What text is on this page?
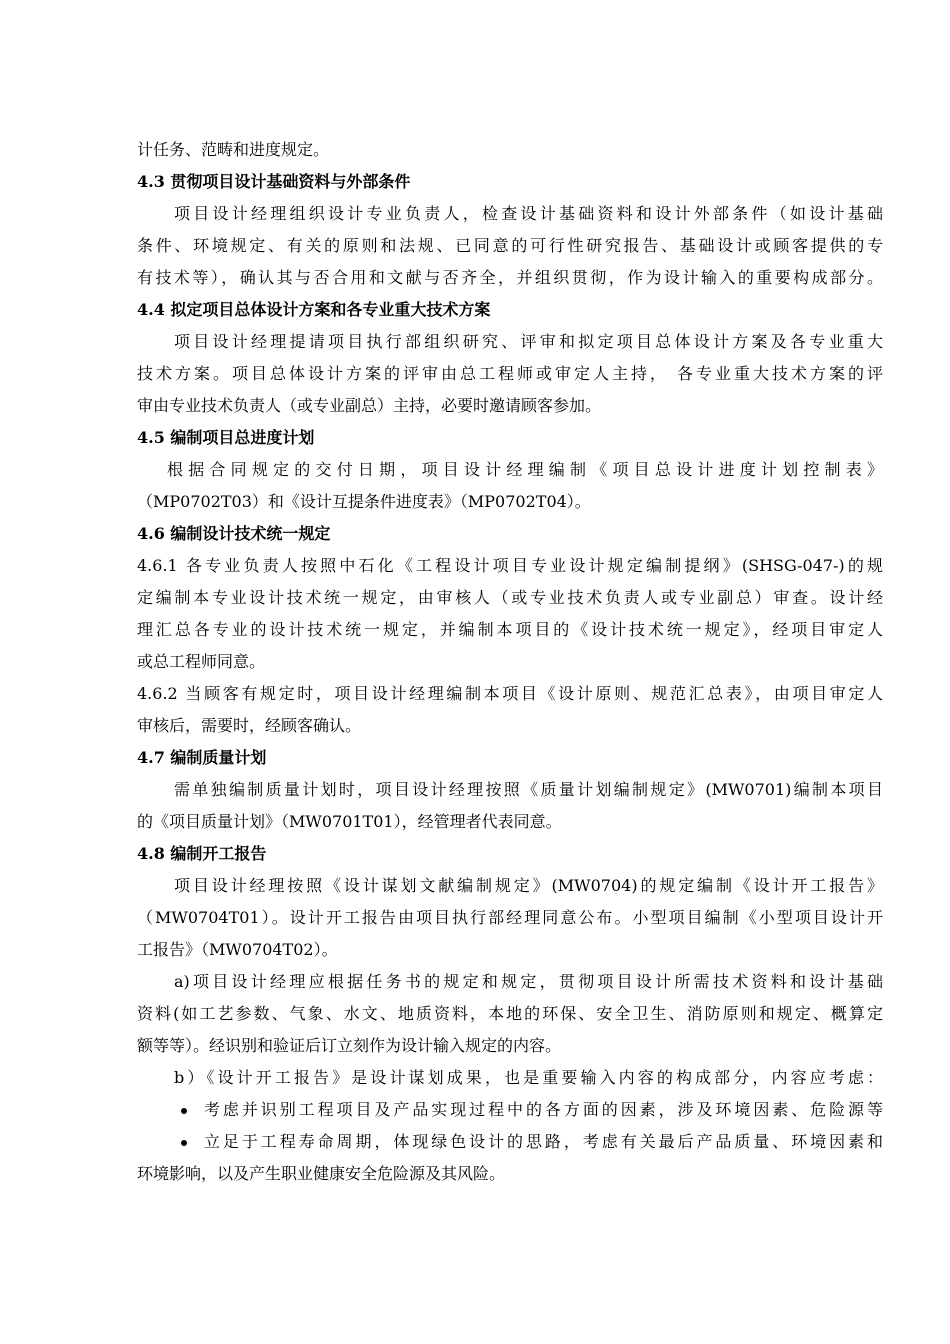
计任务、范畴和进度规定。
4.3 贯彻项目设计基础资料与外部条件
项目设计经理组织设计专业负责人，检查设计基础资料和设计外部条件（如设计基础
条件、环境规定、有关的原则和法规、已同意的可行性研究报告、基础设计或顾客提供的专
有技术等），确认其与否合用和文献与否齐全，并组织贯彻，作为设计输入的重要构成部分。
4.4 拟定项目总体设计方案和各专业重大技术方案
项目设计经理提请项目执行部组织研究、评审和拟定项目总体设计方案及各专业重大
技术方案。项目总体设计方案的评审由总工程师或审定人主持， 各专业重大技术方案的评
审由专业技术负责人（或专业副总）主持，必要时邀请顾客参加。
4.5 编制项目总进度计划
根据合同规定的交付日期，项目设计经理编制《项目总设计进度计划控制表》
（MP0702T03）和《设计互提条件进度表》（MP0702T04）。
4.6 编制设计技术统一规定
4.6.1 各专业负责人按照中石化《工程设计项目专业设计规定编制提纲》(SHSG-047-)的规
定编制本专业设计技术统一规定，由审核人（或专业技术负责人或专业副总）审查。设计经
理汇总各专业的设计技术统一规定，并编制本项目的《设计技术统一规定》，经项目审定人
或总工程师同意。
4.6.2 当顾客有规定时，项目设计经理编制本项目《设计原则、规范汇总表》，由项目审定人
审核后，需要时，经顾客确认。
4.7 编制质量计划
需单独编制质量计划时，项目设计经理按照《质量计划编制规定》(MW0701)编制本项目
的《项目质量计划》（MW0701T01），经管理者代表同意。
4.8 编制开工报告
项目设计经理按照《设计谋划文献编制规定》(MW0704)的规定编制《设计开工报告》
（MW0704T01）。设计开工报告由项目执行部经理同意公布。小型项目编制《小型项目设计开
工报告》（MW0704T02）。
a)项目设计经理应根据任务书的规定和规定，贯彻项目设计所需技术资料和设计基础
资料(如工艺参数、气象、水文、地质资料，本地的环保、安全卫生、消防原则和规定、概算定
额等等）。经识别和验证后订立刻作为设计输入规定的内容。
b）《设计开工报告》是设计谋划成果，也是重要输入内容的构成部分，内容应考虑：
考虑并识别工程项目及产品实现过程中的各方面的因素，涉及环境因素、危险源等
立足于工程寿命周期，体现绿色设计的思路，考虑有关最后产品质量、环境因素和
环境影响，以及产生职业健康安全危险源及其风险。
